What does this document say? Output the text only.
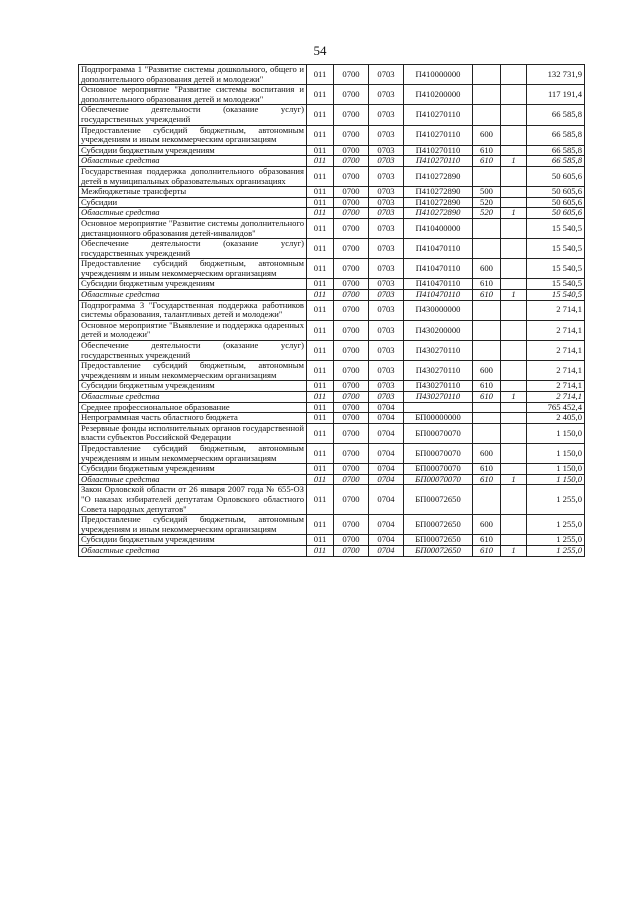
54
Подпрограмма 1 "Развитие системы дошкольного, общего и дополнительного образования детей и молодежи"	011	0700	0703	П410000000			132 731,9
Основное мероприятие "Развитие системы воспитания и дополнительного образования детей и молодежи"	011	0700	0703	П410200000			117 191,4
Обеспечение деятельности (оказание услуг) государственных учреждений	011	0700	0703	П410270110			66 585,8
Предоставление субсидий бюджетным, автономным учреждениям и иным некоммерческим организациям	011	0700	0703	П410270110	600		66 585,8
Субсидии бюджетным учреждениям	011	0700	0703	П410270110	610		66 585,8
Областные средства	011	0700	0703	П410270110	610	1	66 585,8
Государственная поддержка дополнительного образования детей в муниципальных образовательных организациях	011	0700	0703	П410272890			50 605,6
Межбюджетные трансферты	011	0700	0703	П410272890	500		50 605,6
Субсидии	011	0700	0703	П410272890	520		50 605,6
Областные средства	011	0700	0703	П410272890	520	1	50 605,6
Основное мероприятие "Развитие системы дополнительного дистанционного образования детей-инвалидов"	011	0700	0703	П410400000			15 540,5
Обеспечение деятельности (оказание услуг) государственных учреждений	011	0700	0703	П410470110			15 540,5
Предоставление субсидий бюджетным, автономным учреждениям и иным некоммерческим организациям	011	0700	0703	П410470110	600		15 540,5
Субсидии бюджетным учреждениям	011	0700	0703	П410470110	610		15 540,5
Областные средства	011	0700	0703	П410470110	610	1	15 540,5
Подпрограмма 3 "Государственная поддержка работников системы образования, талантливых детей и молодежи"	011	0700	0703	П430000000			2 714,1
Основное мероприятие "Выявление и поддержка одаренных детей и молодежи"	011	0700	0703	П430200000			2 714,1
Обеспечение деятельности (оказание услуг) государственных учреждений	011	0700	0703	П430270110			2 714,1
Предоставление субсидий бюджетным, автономным учреждениям и иным некоммерческим организациям	011	0700	0703	П430270110	600		2 714,1
Субсидии бюджетным учреждениям	011	0700	0703	П430270110	610		2 714,1
Областные средства	011	0700	0703	П430270110	610	1	2 714,1
Среднее профессиональное образование	011	0700	0704				765 452,4
Непрограммная часть областного бюджета	011	0700	0704	БП00000000			2 405,0
Резервные фонды исполнительных органов государственной власти субъектов Российской Федерации	011	0700	0704	БП00070070			1 150,0
Предоставление субсидий бюджетным, автономным учреждениям и иным некоммерческим организациям	011	0700	0704	БП00070070	600		1 150,0
Субсидии бюджетным учреждениям	011	0700	0704	БП00070070	610		1 150,0
Областные средства	011	0700	0704	БП00070070	610	1	1 150,0
Закон Орловской области от 26 января 2007 года № 655-ОЗ "О наказах избирателей депутатам Орловского областного Совета народных депутатов"	011	0700	0704	БП00072650			1 255,0
Предоставление субсидий бюджетным, автономным учреждениям и иным некоммерческим организациям	011	0700	0704	БП00072650	600		1 255,0
Субсидии бюджетным учреждениям	011	0700	0704	БП00072650	610		1 255,0
Областные средства	011	0700	0704	БП00072650	610	1	1 255,0
